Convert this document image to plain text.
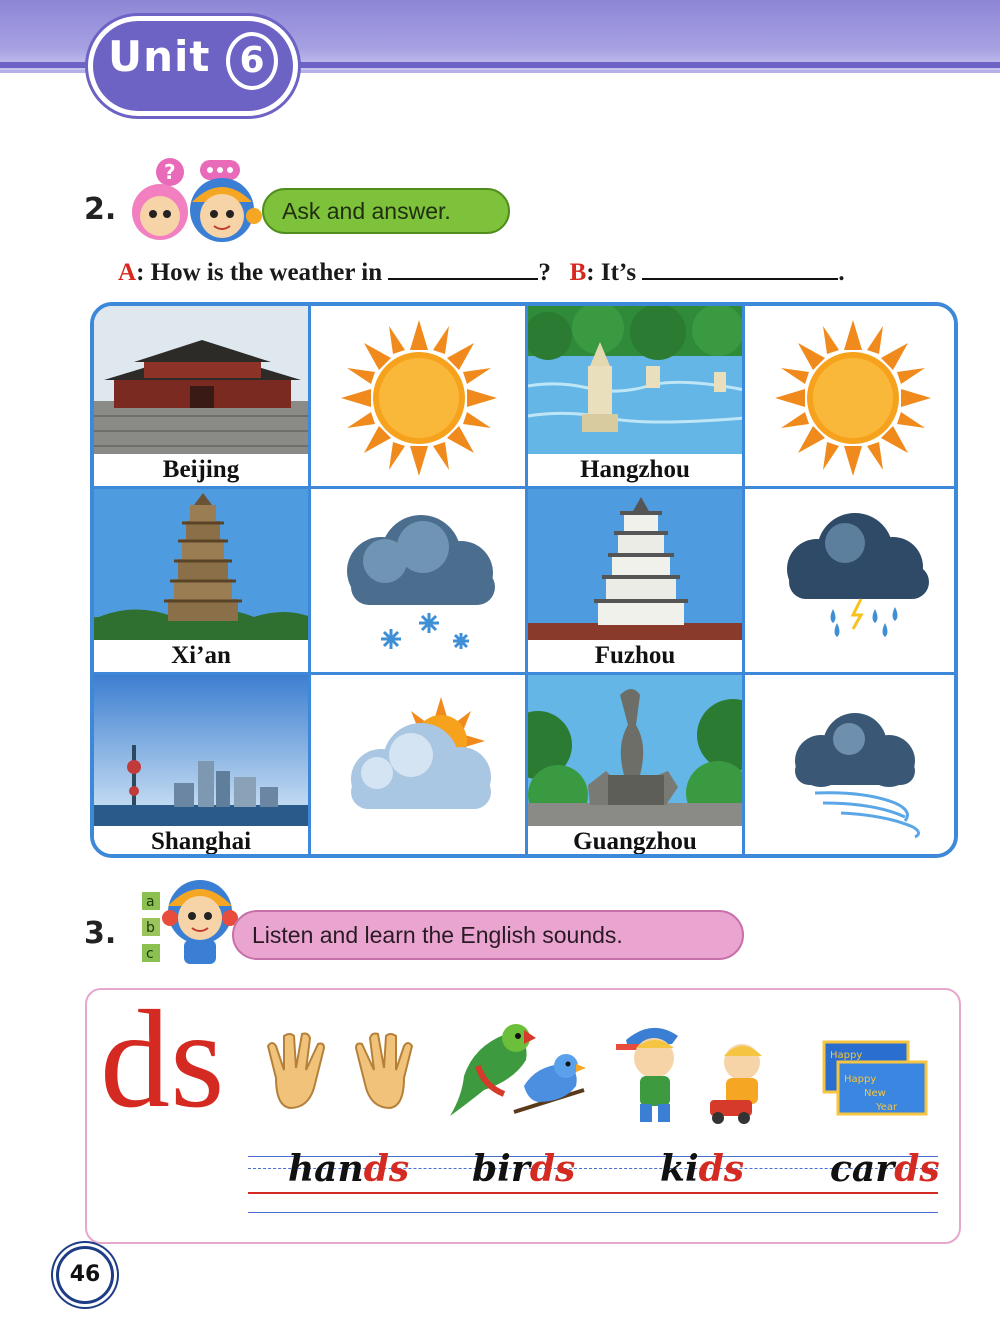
Unit 6
2.
?
Ask and answer.
A: How is the weather in	? B: It’s	.
Beijing	Hangzhou
Xi’an	Fuzhou
Shanghai	Guangzhou
3.
a
b
c
Listen and learn the English sounds.
ds	Happy
Happy
New
Year
hands birds kids cards
46
